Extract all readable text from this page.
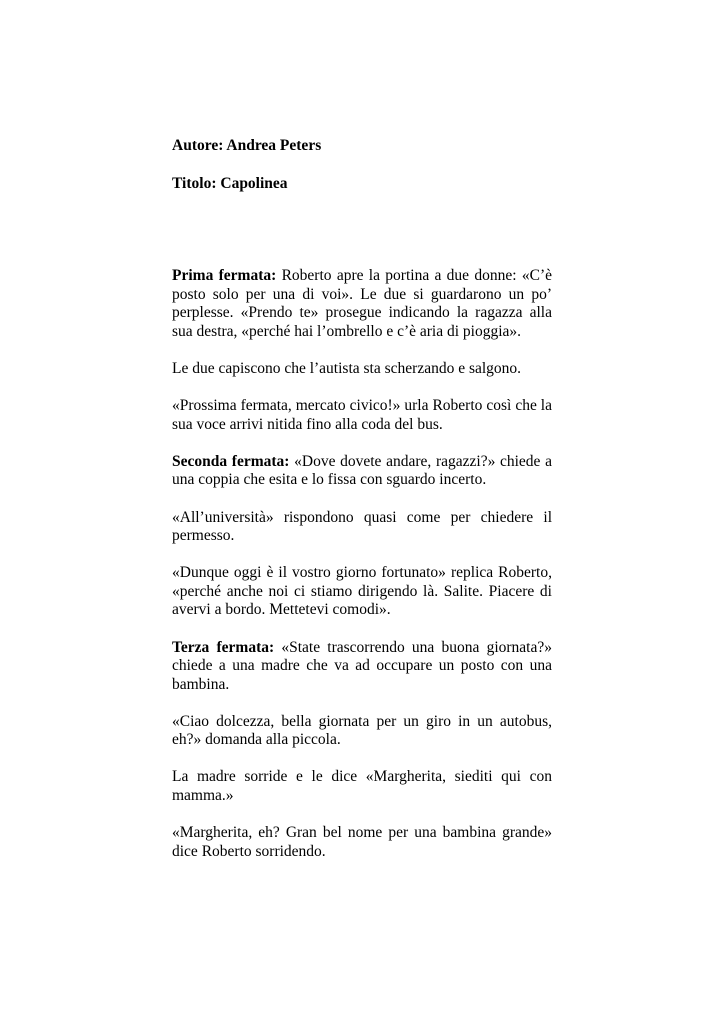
Autore: Andrea Peters

Titolo: Capolinea

Prima fermata: Roberto apre la portina a due donne: «C’è posto solo per una di voi». Le due si guardarono un po’ perplesse. «Prendo te» prosegue indicando la ragazza alla sua destra, «perché hai l’ombrello e c’è aria di pioggia».

Le due capiscono che l’autista sta scherzando e salgono.

«Prossima fermata, mercato civico!» urla Roberto così che la sua voce arrivi nitida fino alla coda del bus.

Seconda fermata: «Dove dovete andare, ragazzi?» chiede a una coppia che esita e lo fissa con sguardo incerto.

«All’università» rispondono quasi come per chiedere il permesso.

«Dunque oggi è il vostro giorno fortunato» replica Roberto, «perché anche noi ci stiamo dirigendo là. Salite. Piacere di avervi a bordo. Mettetevi comodi».

Terza fermata: «State trascorrendo una buona giornata?» chiede a una madre che va ad occupare un posto con una bambina.

«Ciao dolcezza, bella giornata per un giro in un autobus, eh?» domanda alla piccola.

La madre sorride e le dice «Margherita, siediti qui con mamma.»

«Margherita, eh? Gran bel nome per una bambina grande» dice Roberto sorridendo.
